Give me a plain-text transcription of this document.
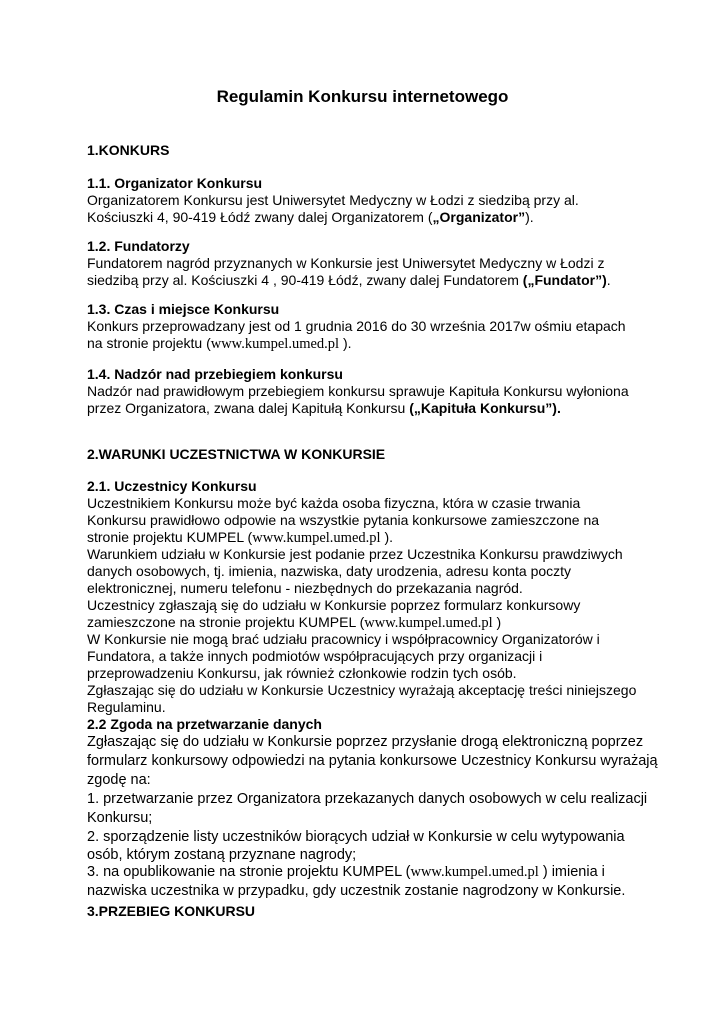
Regulamin Konkursu internetowego
1.KONKURS
1.1. Organizator Konkursu
Organizatorem Konkursu jest Uniwersytet Medyczny w Łodzi z siedzibą przy al.
Kościuszki 4, 90-419 Łódź zwany dalej Organizatorem („Organizator”).
1.2. Fundatorzy
Fundatorem nagród przyznanych w Konkursie jest Uniwersytet Medyczny w Łodzi z
siedzibą przy al. Kościuszki 4 , 90-419 Łódź, zwany dalej Fundatorem („Fundator”).
1.3. Czas i miejsce Konkursu
Konkurs przeprowadzany jest od 1 grudnia 2016 do 30 września 2017w ośmiu etapach
na stronie projektu (www.kumpel.umed.pl ).
1.4. Nadzór nad przebiegiem konkursu
Nadzór nad prawidłowym przebiegiem konkursu sprawuje Kapituła Konkursu wyłoniona
przez Organizatora, zwana dalej Kapitułą Konkursu („Kapituła Konkursu”).
2.WARUNKI UCZESTNICTWA W KONKURSIE
2.1. Uczestnicy Konkursu
Uczestnikiem Konkursu może być każda osoba fizyczna, która w czasie trwania
Konkursu prawidłowo odpowie na wszystkie pytania konkursowe zamieszczone na
stronie projektu KUMPEL (www.kumpel.umed.pl ).
Warunkiem udziału w Konkursie jest podanie przez Uczestnika Konkursu prawdziwych
danych osobowych, tj. imienia, nazwiska, daty urodzenia, adresu konta poczty
elektronicznej, numeru telefonu - niezbędnych do przekazania nagród.
Uczestnicy zgłaszają się do udziału w Konkursie poprzez formularz konkursowy
zamieszczone na stronie projektu KUMPEL (www.kumpel.umed.pl )
W Konkursie nie mogą brać udziału pracownicy i współpracownicy Organizatorów i
Fundatora, a także innych podmiotów współpracujących przy organizacji i
przeprowadzeniu Konkursu, jak również członkowie rodzin tych osób.
Zgłaszając się do udziału w Konkursie Uczestnicy wyrażają akceptację treści niniejszego
Regulaminu.
2.2 Zgoda na przetwarzanie danych
Zgłaszając się do udziału w Konkursie poprzez przysłanie drogą elektroniczną poprzez
formularz konkursowy odpowiedzi na pytania konkursowe Uczestnicy Konkursu wyrażają
zgodę na:
1. przetwarzanie przez Organizatora przekazanych danych osobowych w celu realizacji
Konkursu;
2. sporządzenie listy uczestników biorących udział w Konkursie w celu wytypowania
osób, którym zostaną przyznane nagrody;
3. na opublikowanie na stronie projektu KUMPEL (www.kumpel.umed.pl ) imienia i
nazwiska uczestnika w przypadku, gdy uczestnik zostanie nagrodzony w Konkursie.
3.PRZEBIEG KONKURSU
